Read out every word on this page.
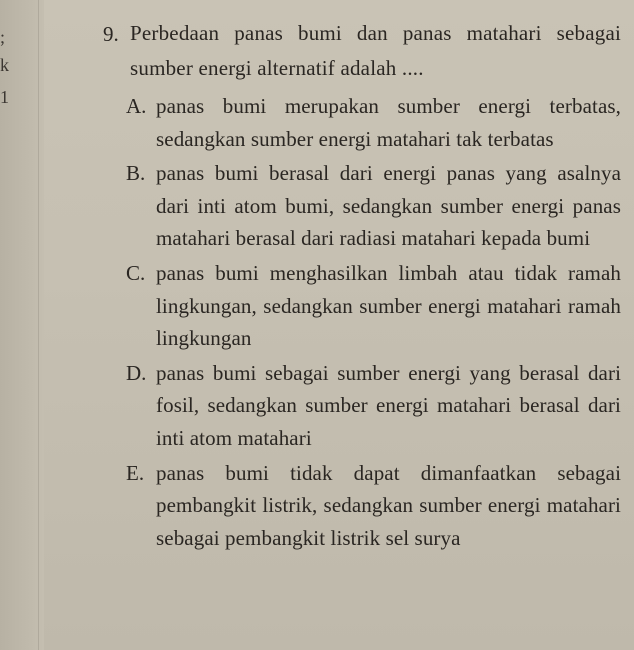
;
k
1
9. Perbedaan panas bumi dan panas matahari sebagai sumber energi alternatif adalah ....
A. panas bumi merupakan sumber energi terbatas, sedangkan sumber energi matahari tak terbatas
B. panas bumi berasal dari energi panas yang asalnya dari inti atom bumi, sedangkan sumber energi panas matahari berasal dari radiasi matahari kepada bumi
C. panas bumi menghasilkan limbah atau tidak ramah lingkungan, sedangkan sumber energi matahari ramah lingkungan
D. panas bumi sebagai sumber energi yang berasal dari fosil, sedangkan sumber energi matahari berasal dari inti atom matahari
E. panas bumi tidak dapat dimanfaatkan sebagai pembangkit listrik, sedangkan sumber energi matahari sebagai pembangkit listrik sel surya
